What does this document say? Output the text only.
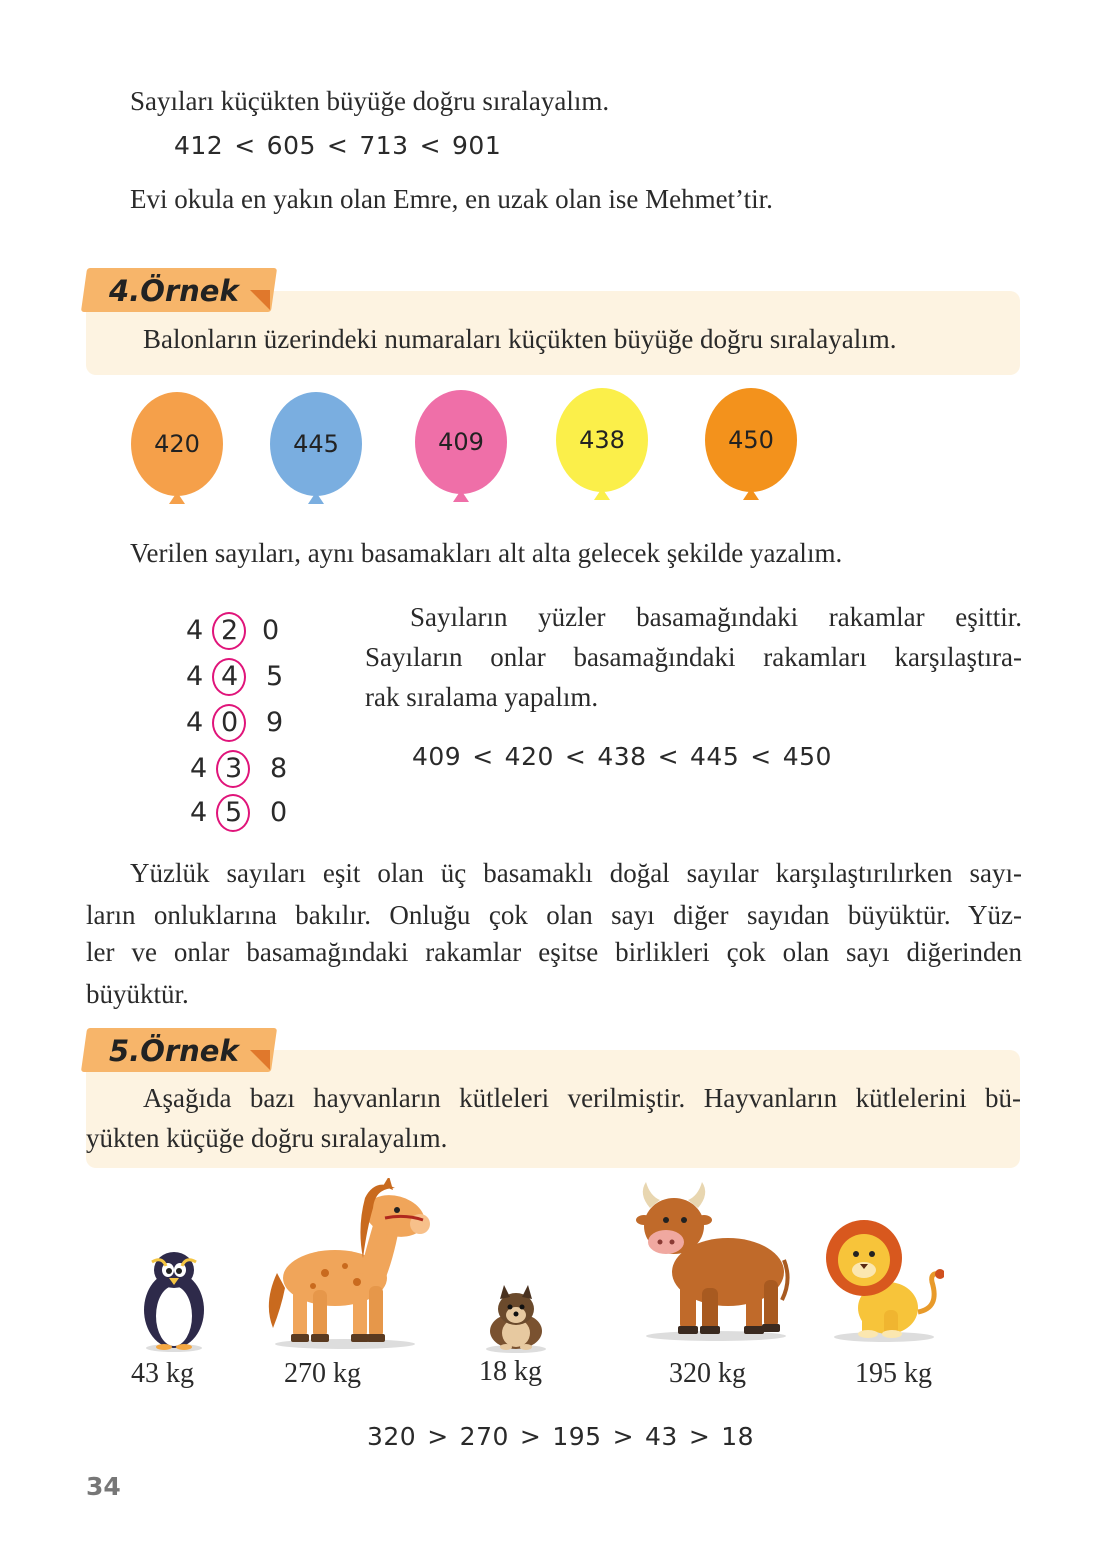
Sayıları küçükten büyüğe doğru sıralayalım.
412 < 605 < 713 < 901
Evi okula en yakın olan Emre, en uzak olan ise Mehmet’tir.
4.Örnek
Balonların üzerindeki numaraları küçükten büyüğe doğru sıralayalım.
420	445	409	438	450
Verilen sayıları, aynı basamakları alt alta gelecek şekilde yazalım.
4 2 0
4 4 5
4 0 9
4 3 8
4 5 0
Sayıların yüzler basamağındaki rakamlar eşittir.
Sayıların onlar basamağındaki rakamları karşılaştıra-
rak sıralama yapalım.
409 < 420 < 438 < 445 < 450
Yüzlük sayıları eşit olan üç basamaklı doğal sayılar karşılaştırılırken sayı-
ların onluklarına bakılır. Onluğu çok olan sayı diğer sayıdan büyüktür. Yüz-
ler ve onlar basamağındaki rakamlar eşitse birlikleri çok olan sayı diğerinden
büyüktür.
5.Örnek
Aşağıda bazı hayvanların kütleleri verilmiştir. Hayvanların kütlelerini bü-
yükten küçüğe doğru sıralayalım.
43 kg	270 kg	18 kg	320 kg	195 kg
320 > 270 > 195 > 43 > 18
34
